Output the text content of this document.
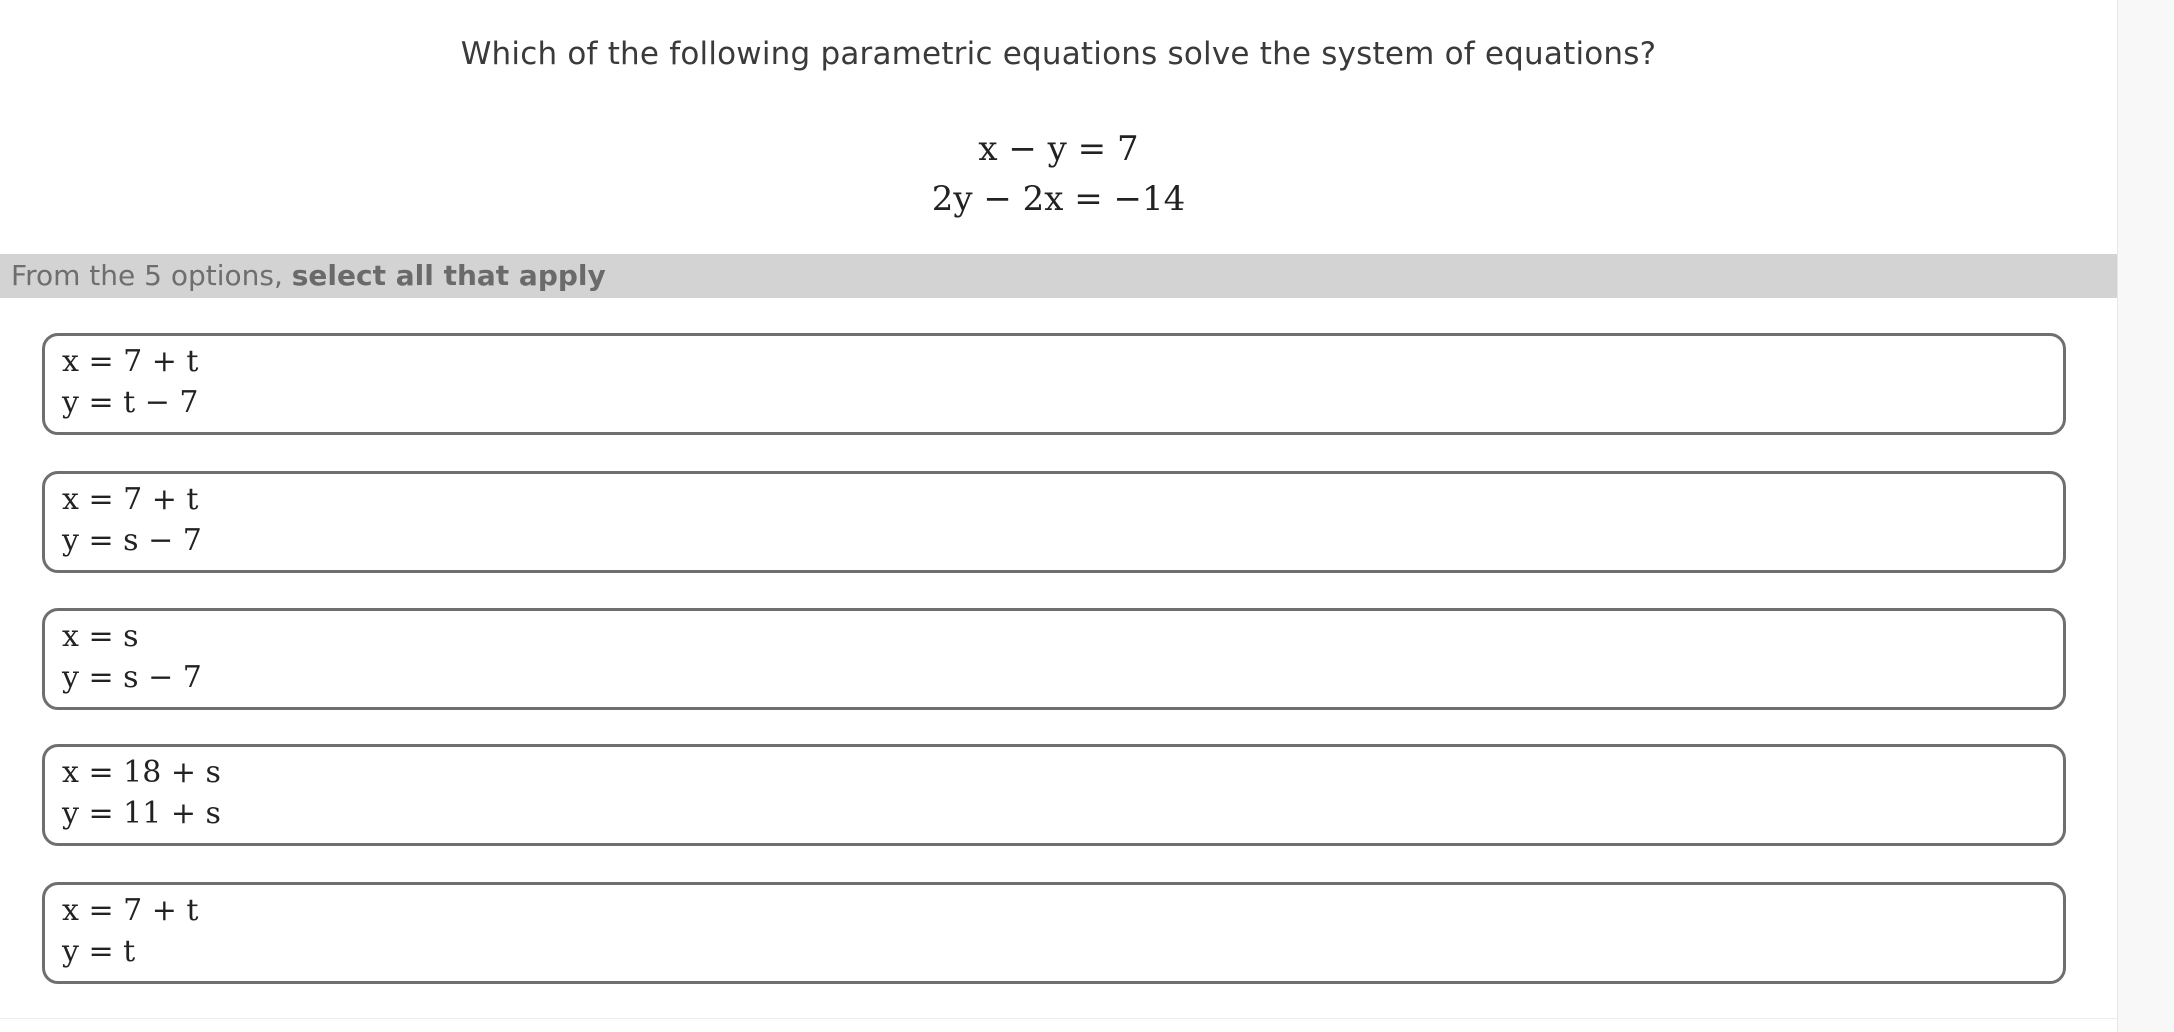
Which of the following parametric equations solve the system of equations?
x − y = 7
2y − 2x = −14
From the 5 options, select all that apply
x = 7 + t
y = t − 7
x = 7 + t
y = s − 7
x = s
y = s − 7
x = 18 + s
y = 11 + s
x = 7 + t
y = t
